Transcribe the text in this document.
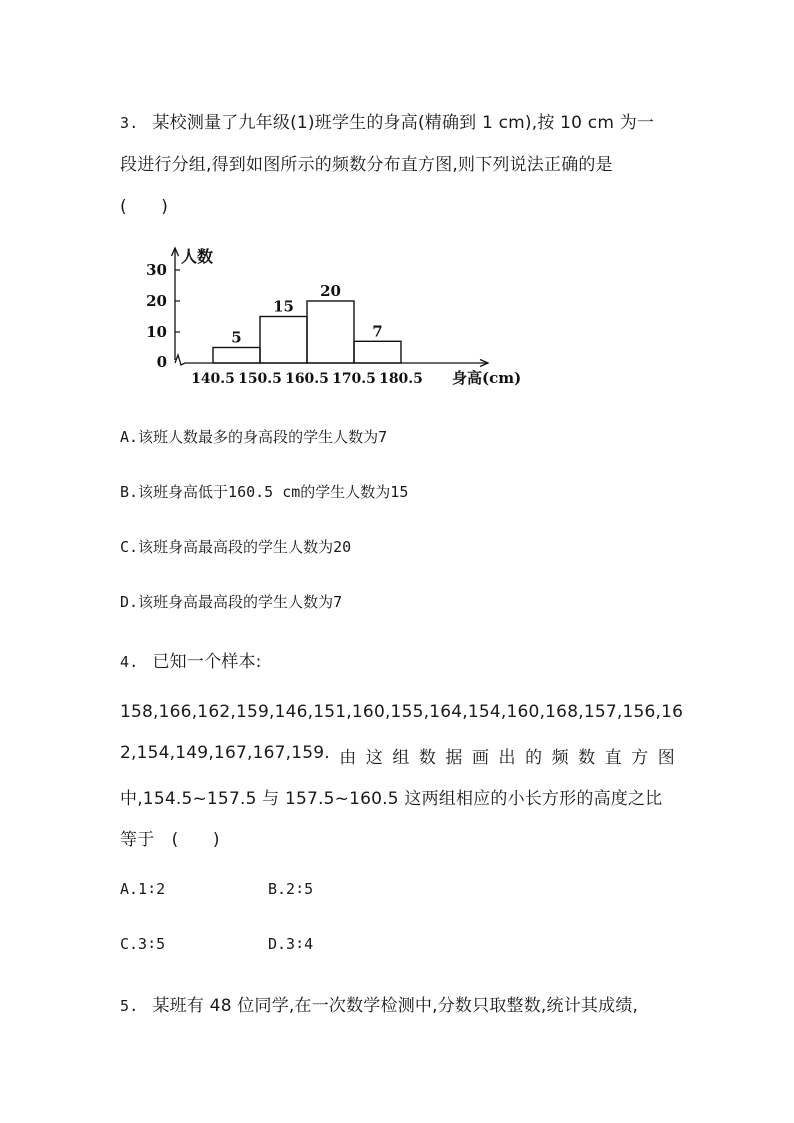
3. 某校测量了九年级(1)班学生的身高(精确到 1 cm),按 10 cm 为一
段进行分组,得到如图所示的频数分布直方图,则下列说法正确的是
(　　)
0
10
20
30
人数
5
15
20
7
140.5 150.5 160.5 170.5 180.5 身高(cm)
A.该班人数最多的身高段的学生人数为7
B.该班身高低于160.5 cm的学生人数为15
C.该班身高最高段的学生人数为20
D.该班身高最高段的学生人数为7
4. 已知一个样本:
158,166,162,159,146,151,160,155,164,154,160,168,157,156,16
2,154,149,167,167,159. 由 这 组 数 据 画 出 的 频 数 直 方 图
中,154.5~157.5 与 157.5~160.5 这两组相应的小长方形的高度之比
等于　(　　)
A.1∶2	B.2∶5
C.3∶5	D.3∶4
5. 某班有 48 位同学,在一次数学检测中,分数只取整数,统计其成绩,
